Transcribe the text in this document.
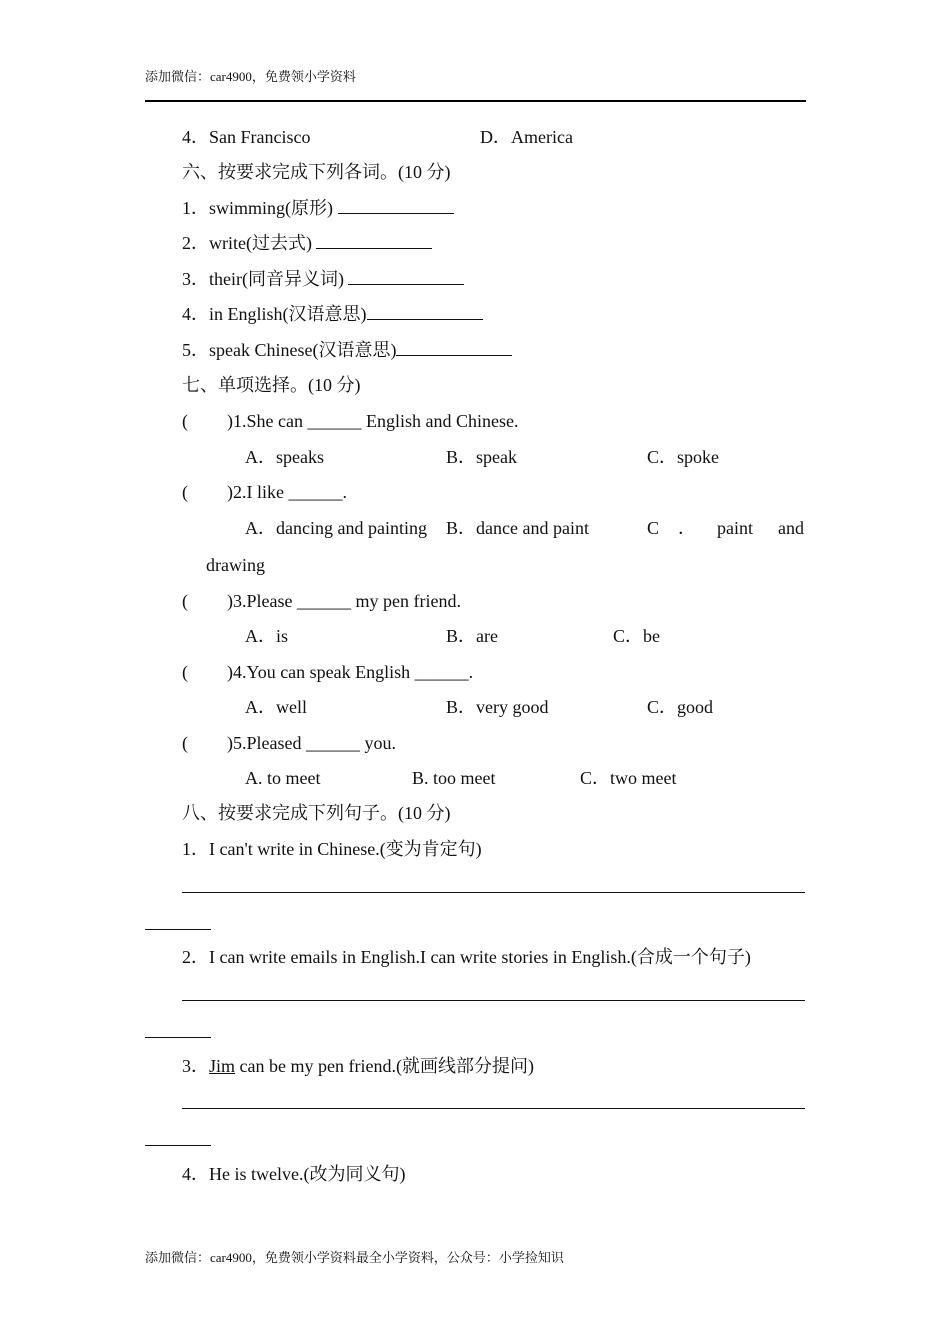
添加微信：car4900，免费领小学资料
4．San Francisco	D．America
六、按要求完成下列各词。(10 分)
1．swimming(原形)
2．write(过去式)
3．their(同音异义词)
4．in English(汉语意思)
5．speak Chinese(汉语意思)
七、单项选择。(10 分)
( )1.She can ______ English and Chinese.
A．speaks	B．speak	C．spoke
( )2.I like ______.
A．dancing and painting B．dance and paint	C ． paint and
drawing
( )3.Please ______ my pen friend.
A．is	B．are	C．be
( )4.You can speak English ______.
A．well	B．very good	C．good
( )5.Pleased ______ you.
A. to meet	B. too meet	C．two meet
八、按要求完成下列句子。(10 分)
1．I can't write in Chinese.(变为肯定句)
2．I can write emails in English.I can write stories in English.(合成一个句子)
3．Jim can be my pen friend.(就画线部分提问)
4．He is twelve.(改为同义句)
添加微信：car4900，免费领小学资料最全小学资料，公众号：小学捡知识
